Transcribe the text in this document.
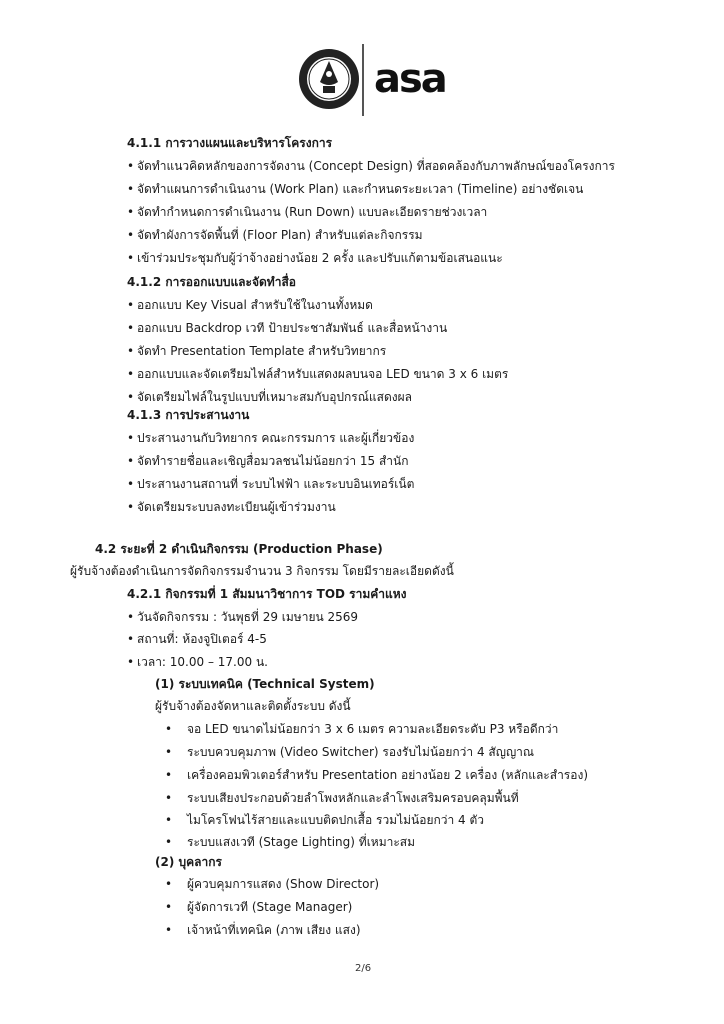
asa
4.1.1 การวางแผนและบริหารโครงการ
• จัดทำแนวคิดหลักของการจัดงาน (Concept Design) ที่สอดคล้องกับภาพลักษณ์ของโครงการ
• จัดทำแผนการดำเนินงาน (Work Plan) และกำหนดระยะเวลา (Timeline) อย่างชัดเจน
• จัดทำกำหนดการดำเนินงาน (Run Down) แบบละเอียดรายช่วงเวลา
• จัดทำผังการจัดพื้นที่ (Floor Plan) สำหรับแต่ละกิจกรรม
• เข้าร่วมประชุมกับผู้ว่าจ้างอย่างน้อย 2 ครั้ง และปรับแก้ตามข้อเสนอแนะ
4.1.2 การออกแบบและจัดทำสื่อ
• ออกแบบ Key Visual สำหรับใช้ในงานทั้งหมด
• ออกแบบ Backdrop เวที ป้ายประชาสัมพันธ์ และสื่อหน้างาน
• จัดทำ Presentation Template สำหรับวิทยากร
• ออกแบบและจัดเตรียมไฟล์สำหรับแสดงผลบนจอ LED ขนาด 3 x 6 เมตร
• จัดเตรียมไฟล์ในรูปแบบที่เหมาะสมกับอุปกรณ์แสดงผล
4.1.3 การประสานงาน
• ประสานงานกับวิทยากร คณะกรรมการ และผู้เกี่ยวข้อง
• จัดทำรายชื่อและเชิญสื่อมวลชนไม่น้อยกว่า 15 สำนัก
• ประสานงานสถานที่ ระบบไฟฟ้า และระบบอินเทอร์เน็ต
• จัดเตรียมระบบลงทะเบียนผู้เข้าร่วมงาน
4.2 ระยะที่ 2 ดำเนินกิจกรรม (Production Phase)
ผู้รับจ้างต้องดำเนินการจัดกิจกรรมจำนวน 3 กิจกรรม โดยมีรายละเอียดดังนี้
4.2.1 กิจกรรมที่ 1 สัมมนาวิชาการ TOD รามคำแหง
• วันจัดกิจกรรม : วันพุธที่ 29 เมษายน 2569
• สถานที่: ห้องจูปิเตอร์ 4-5
• เวลา: 10.00 – 17.00 น.
(1) ระบบเทคนิค (Technical System)
ผู้รับจ้างต้องจัดหาและติดตั้งระบบ ดังนี้
• จอ LED ขนาดไม่น้อยกว่า 3 x 6 เมตร ความละเอียดระดับ P3 หรือดีกว่า
• ระบบควบคุมภาพ (Video Switcher) รองรับไม่น้อยกว่า 4 สัญญาณ
• เครื่องคอมพิวเตอร์สำหรับ Presentation อย่างน้อย 2 เครื่อง (หลักและสำรอง)
• ระบบเสียงประกอบด้วยลำโพงหลักและลำโพงเสริมครอบคลุมพื้นที่
• ไมโครโฟนไร้สายและแบบติดปกเสื้อ รวมไม่น้อยกว่า 4 ตัว
• ระบบแสงเวที (Stage Lighting) ที่เหมาะสม
(2) บุคลากร
• ผู้ควบคุมการแสดง (Show Director)
• ผู้จัดการเวที (Stage Manager)
• เจ้าหน้าที่เทคนิค (ภาพ เสียง แสง)
2/6
